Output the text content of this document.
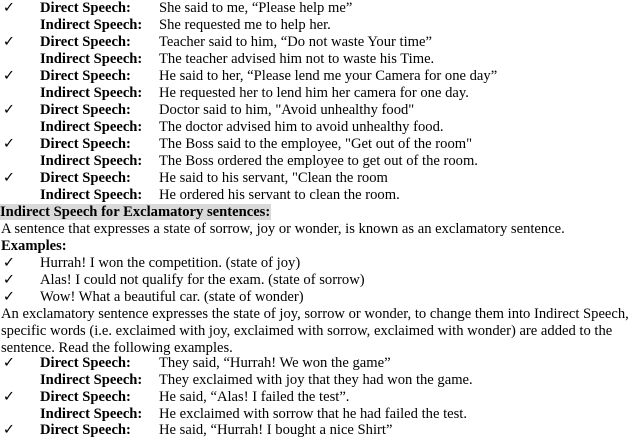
✓ Direct Speech: She said to me, “Please help me”
Indirect Speech: She requested me to help her.
✓ Direct Speech: Teacher said to him, “Do not waste Your time”
Indirect Speech: The teacher advised him not to waste his Time.
✓ Direct Speech: He said to her, “Please lend me your Camera for one day”
Indirect Speech: He requested her to lend him her camera for one day.
✓ Direct Speech: Doctor said to him, "Avoid unhealthy food"
Indirect Speech: The doctor advised him to avoid unhealthy food.
✓ Direct Speech: The Boss said to the employee, "Get out of the room"
Indirect Speech: The Boss ordered the employee to get out of the room.
✓ Direct Speech: He said to his servant, "Clean the room
Indirect Speech: He ordered his servant to clean the room.
Indirect Speech for Exclamatory sentences:
A sentence that expresses a state of sorrow, joy or wonder, is known as an exclamatory sentence.
Examples:
✓ Hurrah! I won the competition. (state of joy)
✓ Alas! I could not qualify for the exam. (state of sorrow)
✓ Wow! What a beautiful car. (state of wonder)
An exclamatory sentence expresses the state of joy, sorrow or wonder, to change them into Indirect Speech,
specific words (i.e. exclaimed with joy, exclaimed with sorrow, exclaimed with wonder) are added to the
sentence. Read the following examples.
✓ Direct Speech: They said, “Hurrah! We won the game”
Indirect Speech: They exclaimed with joy that they had won the game.
✓ Direct Speech: He said, “Alas! I failed the test”.
Indirect Speech: He exclaimed with sorrow that he had failed the test.
✓ Direct Speech: He said, “Hurrah! I bought a nice Shirt”
